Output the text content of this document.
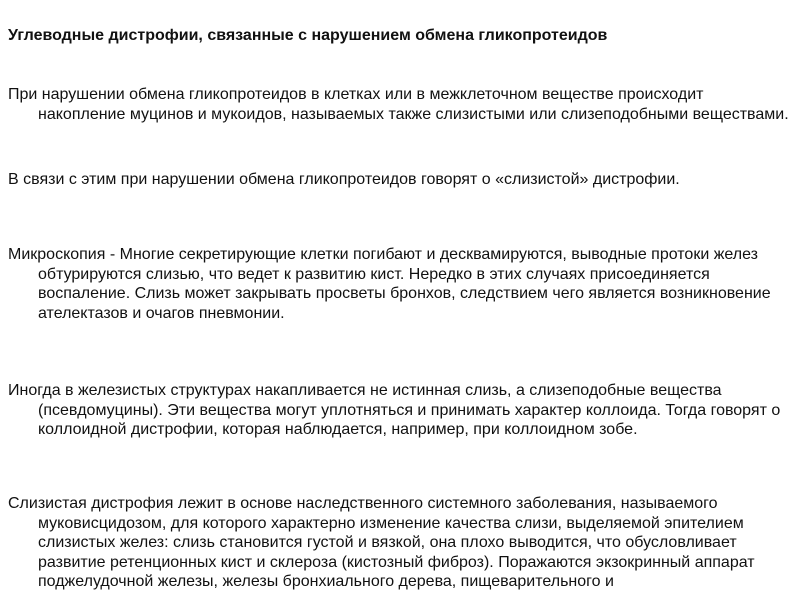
Углеводные дистрофии, связанные с нарушением обмена гликопротеидов
При нарушении обмена гликопротеидов в клетках или в межклеточном веществе происходит накопление муцинов и мукоидов, называемых также слизистыми или слизеподобными веществами.
В связи с этим при нарушении обмена гликопротеидов говорят о «слизистой» дистрофии.
Микроскопия - Многие секретирующие клетки погибают и десквамируются, выводные протоки желез обтурируются слизью, что ведет к развитию кист. Нередко в этих случаях присоединяется воспаление. Слизь может закрывать просветы бронхов, следствием чего является возникновение ателектазов и очагов пневмонии.
Иногда в железистых структурах накапливается не истинная слизь, а слизеподобные вещества (псевдомуцины). Эти вещества могут уплотняться и принимать характер коллоида. Тогда говорят о коллоидной дистрофии, которая наблюдается, например, при коллоидном зобе.
Слизистая дистрофия лежит в основе наследственного системного заболевания, называемого муковисцидозом, для которого характерно изменение качества слизи, выделяемой эпителием слизистых желез: слизь становится густой и вязкой, она плохо выводится, что обусловливает развитие ретенционных кист и склероза (кистозный фиброз). Поражаются экзокринный аппарат поджелудочной железы, железы бронхиального дерева, пищеварительного и
